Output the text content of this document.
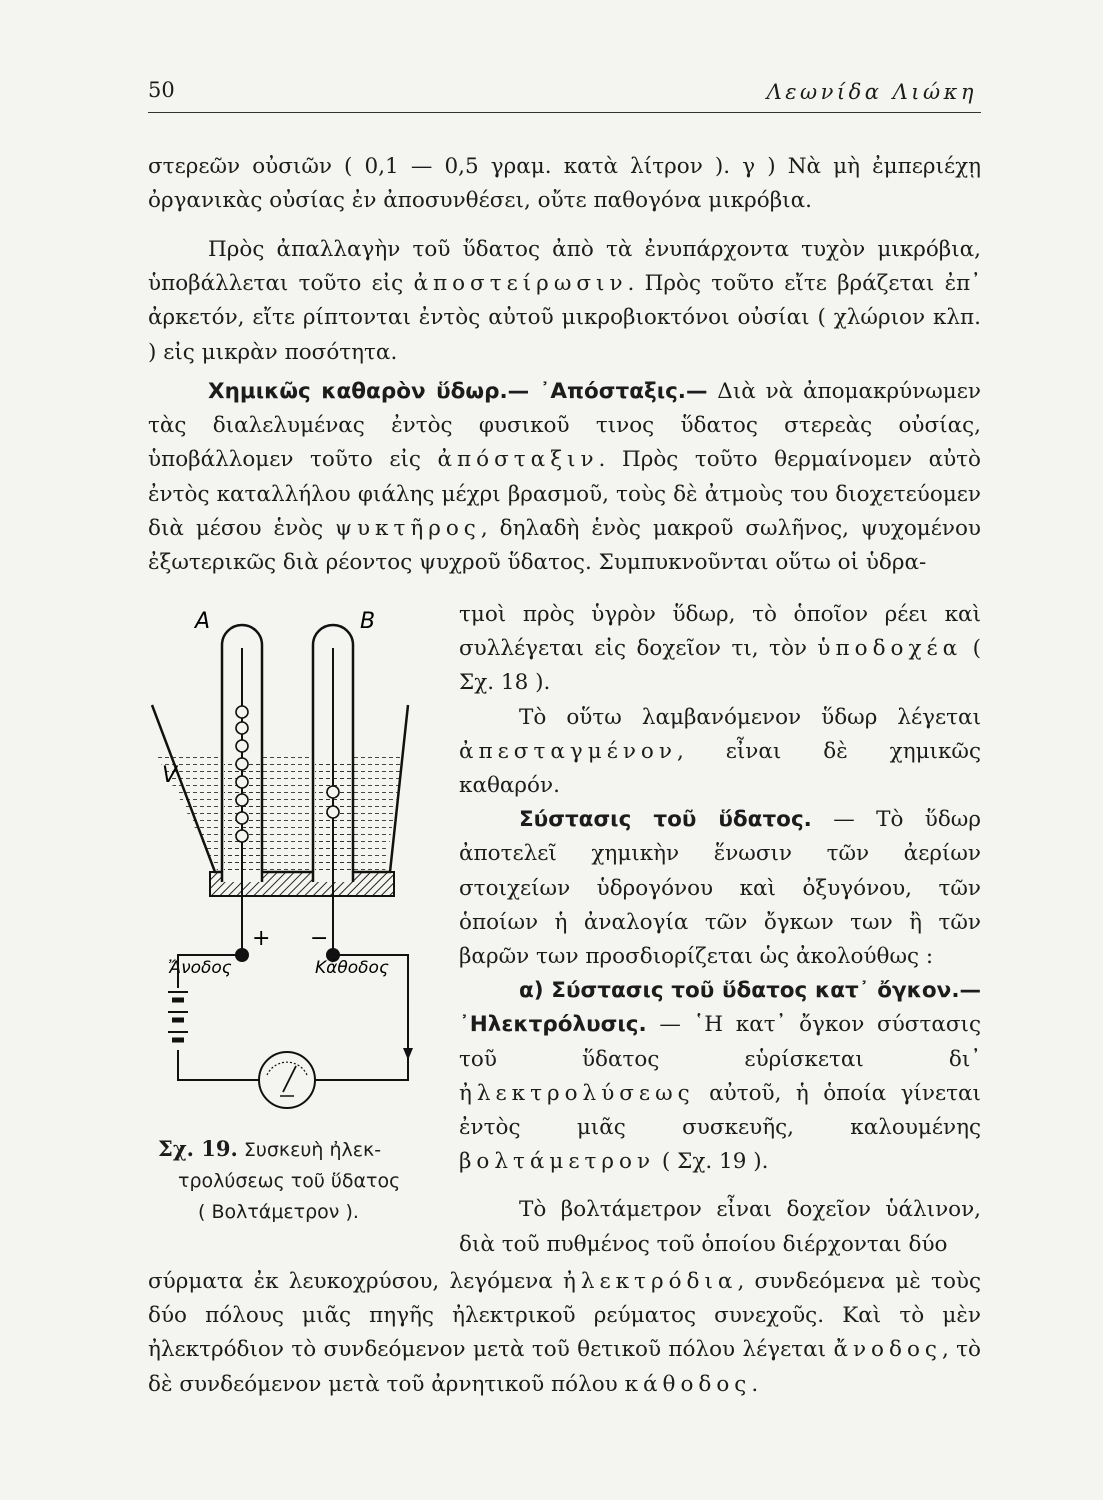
50	Λεωνίδα Λιώκη

στερεῶν οὐσιῶν ( 0,1 — 0,5 γραμ. κατὰ λίτρον ). γ ) Νὰ μὴ ἐμπεριέχῃ

ὀργανικὰς οὐσίας ἐν ἀποσυνθέσει, οὔτε παθογόνα μικρόβια.

Πρὸς ἀπαλλαγὴν τοῦ ὕδατος ἀπὸ τὰ ἐνυπάρχοντα τυχὸν μικρόβια, ὑποβάλλεται τοῦτο εἰς ἀποστείρωσιν. Πρὸς τοῦτο εἴτε βράζεται ἐπ᾽ ἀρκετόν, εἴτε ρίπτονται ἐντὸς αὐτοῦ μικροβιοκτόνοι οὐσίαι ( χλώριον κλπ. ) εἰς μικρὰν ποσότητα.

Χημικῶς καθαρὸν ὕδωρ.— ᾿Απόσταξις.— Διὰ νὰ ἀπομακρύνωμεν τὰς διαλελυμένας ἐντὸς φυσικοῦ τινος ὕδατος στερεὰς οὐσίας, ὑποβάλλομεν τοῦτο εἰς ἀπόσταξιν. Πρὸς τοῦτο θερμαίνομεν αὐτὸ ἐντὸς καταλλήλου φιάλης μέχρι βρασμοῦ, τοὺς δὲ ἀτμοὺς του διοχετεύομεν διὰ μέσου ἑνὸς ψυκτῆρος, δηλαδὴ ἑνὸς μακροῦ σωλῆνος, ψυχομένου ἐξωτερικῶς διὰ ρέοντος ψυχροῦ ὕδατος. Συμπυκνοῦνται οὕτω οἱ ὑδρα-

τμοὶ πρὸς ὑγρὸν ὕδωρ, τὸ ὁποῖον ρέει καὶ συλλέγεται εἰς δοχεῖον τι, τὸν ὑποδοχέα ( Σχ. 18 ).

Τὸ οὕτω λαμβανόμενον ὕδωρ λέγεται ἀπεσταγμένον, εἶναι δὲ χημικῶς καθαρόν.

Σύστασις τοῦ ὕδατος. — Τὸ ὕδωρ ἀποτελεῖ χημικὴν ἕνωσιν τῶν ἀερίων στοιχείων ὑδρογόνου καὶ ὀξυγόνου, τῶν ὁποίων ἡ ἀναλογία τῶν ὄγκων των ἢ τῶν βαρῶν των προσδιορίζεται ὡς ἀκολούθως :

α) Σύστασις τοῦ ὕδατος κατ᾽ ὄγκον.— ᾿Ηλεκτρόλυσις. — ῾Η κατ᾽ ὄγκον σύστασις τοῦ ὕδατος εὑρίσκεται δι᾽ ἠλεκτρολύσεως αὐτοῦ, ἡ ὁποία γίνεται ἐντὸς μιᾶς συσκευῆς, καλουμένης βολτάμετρον ( Σχ. 19 ).

Τὸ βολτάμετρον εἶναι δοχεῖον ὑάλινον, διὰ τοῦ πυθμένος τοῦ ὁποίου διέρχονται δύο

σύρματα ἐκ λευκοχρύσου, λεγόμενα ἠλεκτρόδια, συνδεόμενα μὲ τοὺς δύο πόλους μιᾶς πηγῆς ἠλεκτρικοῦ ρεύματος συνεχοῦς. Καὶ τὸ μὲν ἠλεκτρόδιον τὸ συνδεόμενον μετὰ τοῦ θετικοῦ πόλου λέγεται ἄνοδος, τὸ δὲ συνδεόμενον μετὰ τοῦ ἀρνητικοῦ πόλου κάθοδος.

A	B
V
+ −
Ἄνοδος	Κάθοδος
Σχ. 19. Συσκευὴ ἠλεκ-
τρολύσεως τοῦ ὕδατος
( Βολτάμετρον ).
